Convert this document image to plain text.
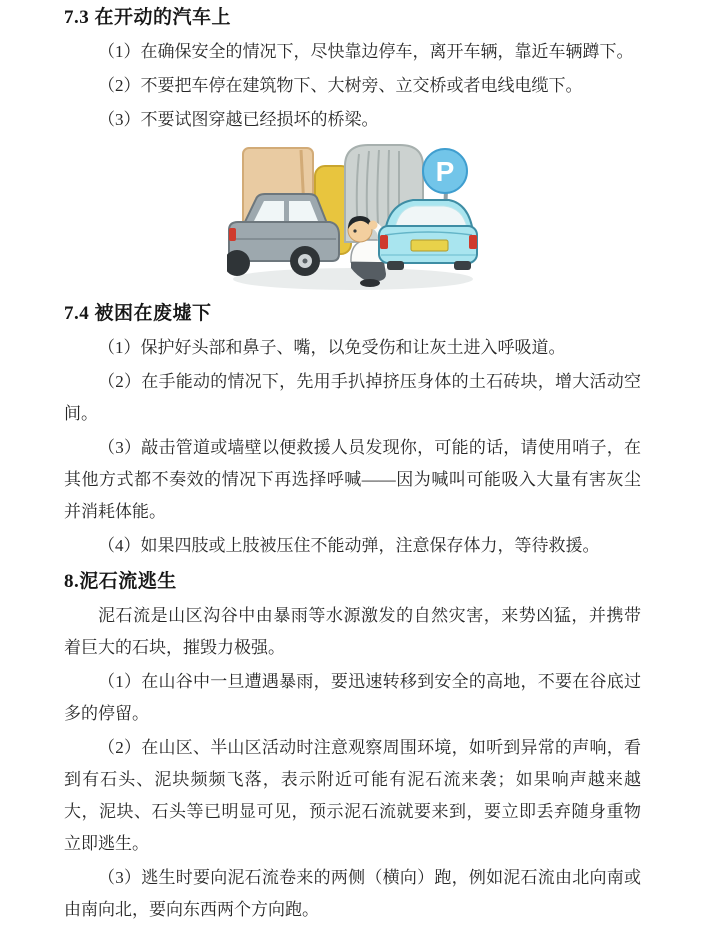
7.3 在开动的汽车上

（1）在确保安全的情况下，尽快靠边停车，离开车辆，靠近车辆蹲下。

（2）不要把车停在建筑物下、大树旁、立交桥或者电线电缆下。

（3）不要试图穿越已经损坏的桥梁。

P
7.4 被困在废墟下

（1）保护好头部和鼻子、嘴，以免受伤和让灰土进入呼吸道。

（2）在手能动的情况下，先用手扒掉挤压身体的土石砖块，增大活动空间。

（3）敲击管道或墙壁以便救援人员发现你，可能的话，请使用哨子，在其他方式都不奏效的情况下再选择呼喊——因为喊叫可能吸入大量有害灰尘并消耗体能。

（4）如果四肢或上肢被压住不能动弹，注意保存体力，等待救援。

8.泥石流逃生

泥石流是山区沟谷中由暴雨等水源激发的自然灾害，来势凶猛，并携带着巨大的石块，摧毁力极强。

（1）在山谷中一旦遭遇暴雨，要迅速转移到安全的高地，不要在谷底过多的停留。

（2）在山区、半山区活动时注意观察周围环境，如听到异常的声响，看到有石头、泥块频频飞落，表示附近可能有泥石流来袭；如果响声越来越大，泥块、石头等已明显可见，预示泥石流就要来到，要立即丢弃随身重物立即逃生。

（3）逃生时要向泥石流卷来的两侧（横向）跑，例如泥石流由北向南或由南向北，要向东西两个方向跑。
